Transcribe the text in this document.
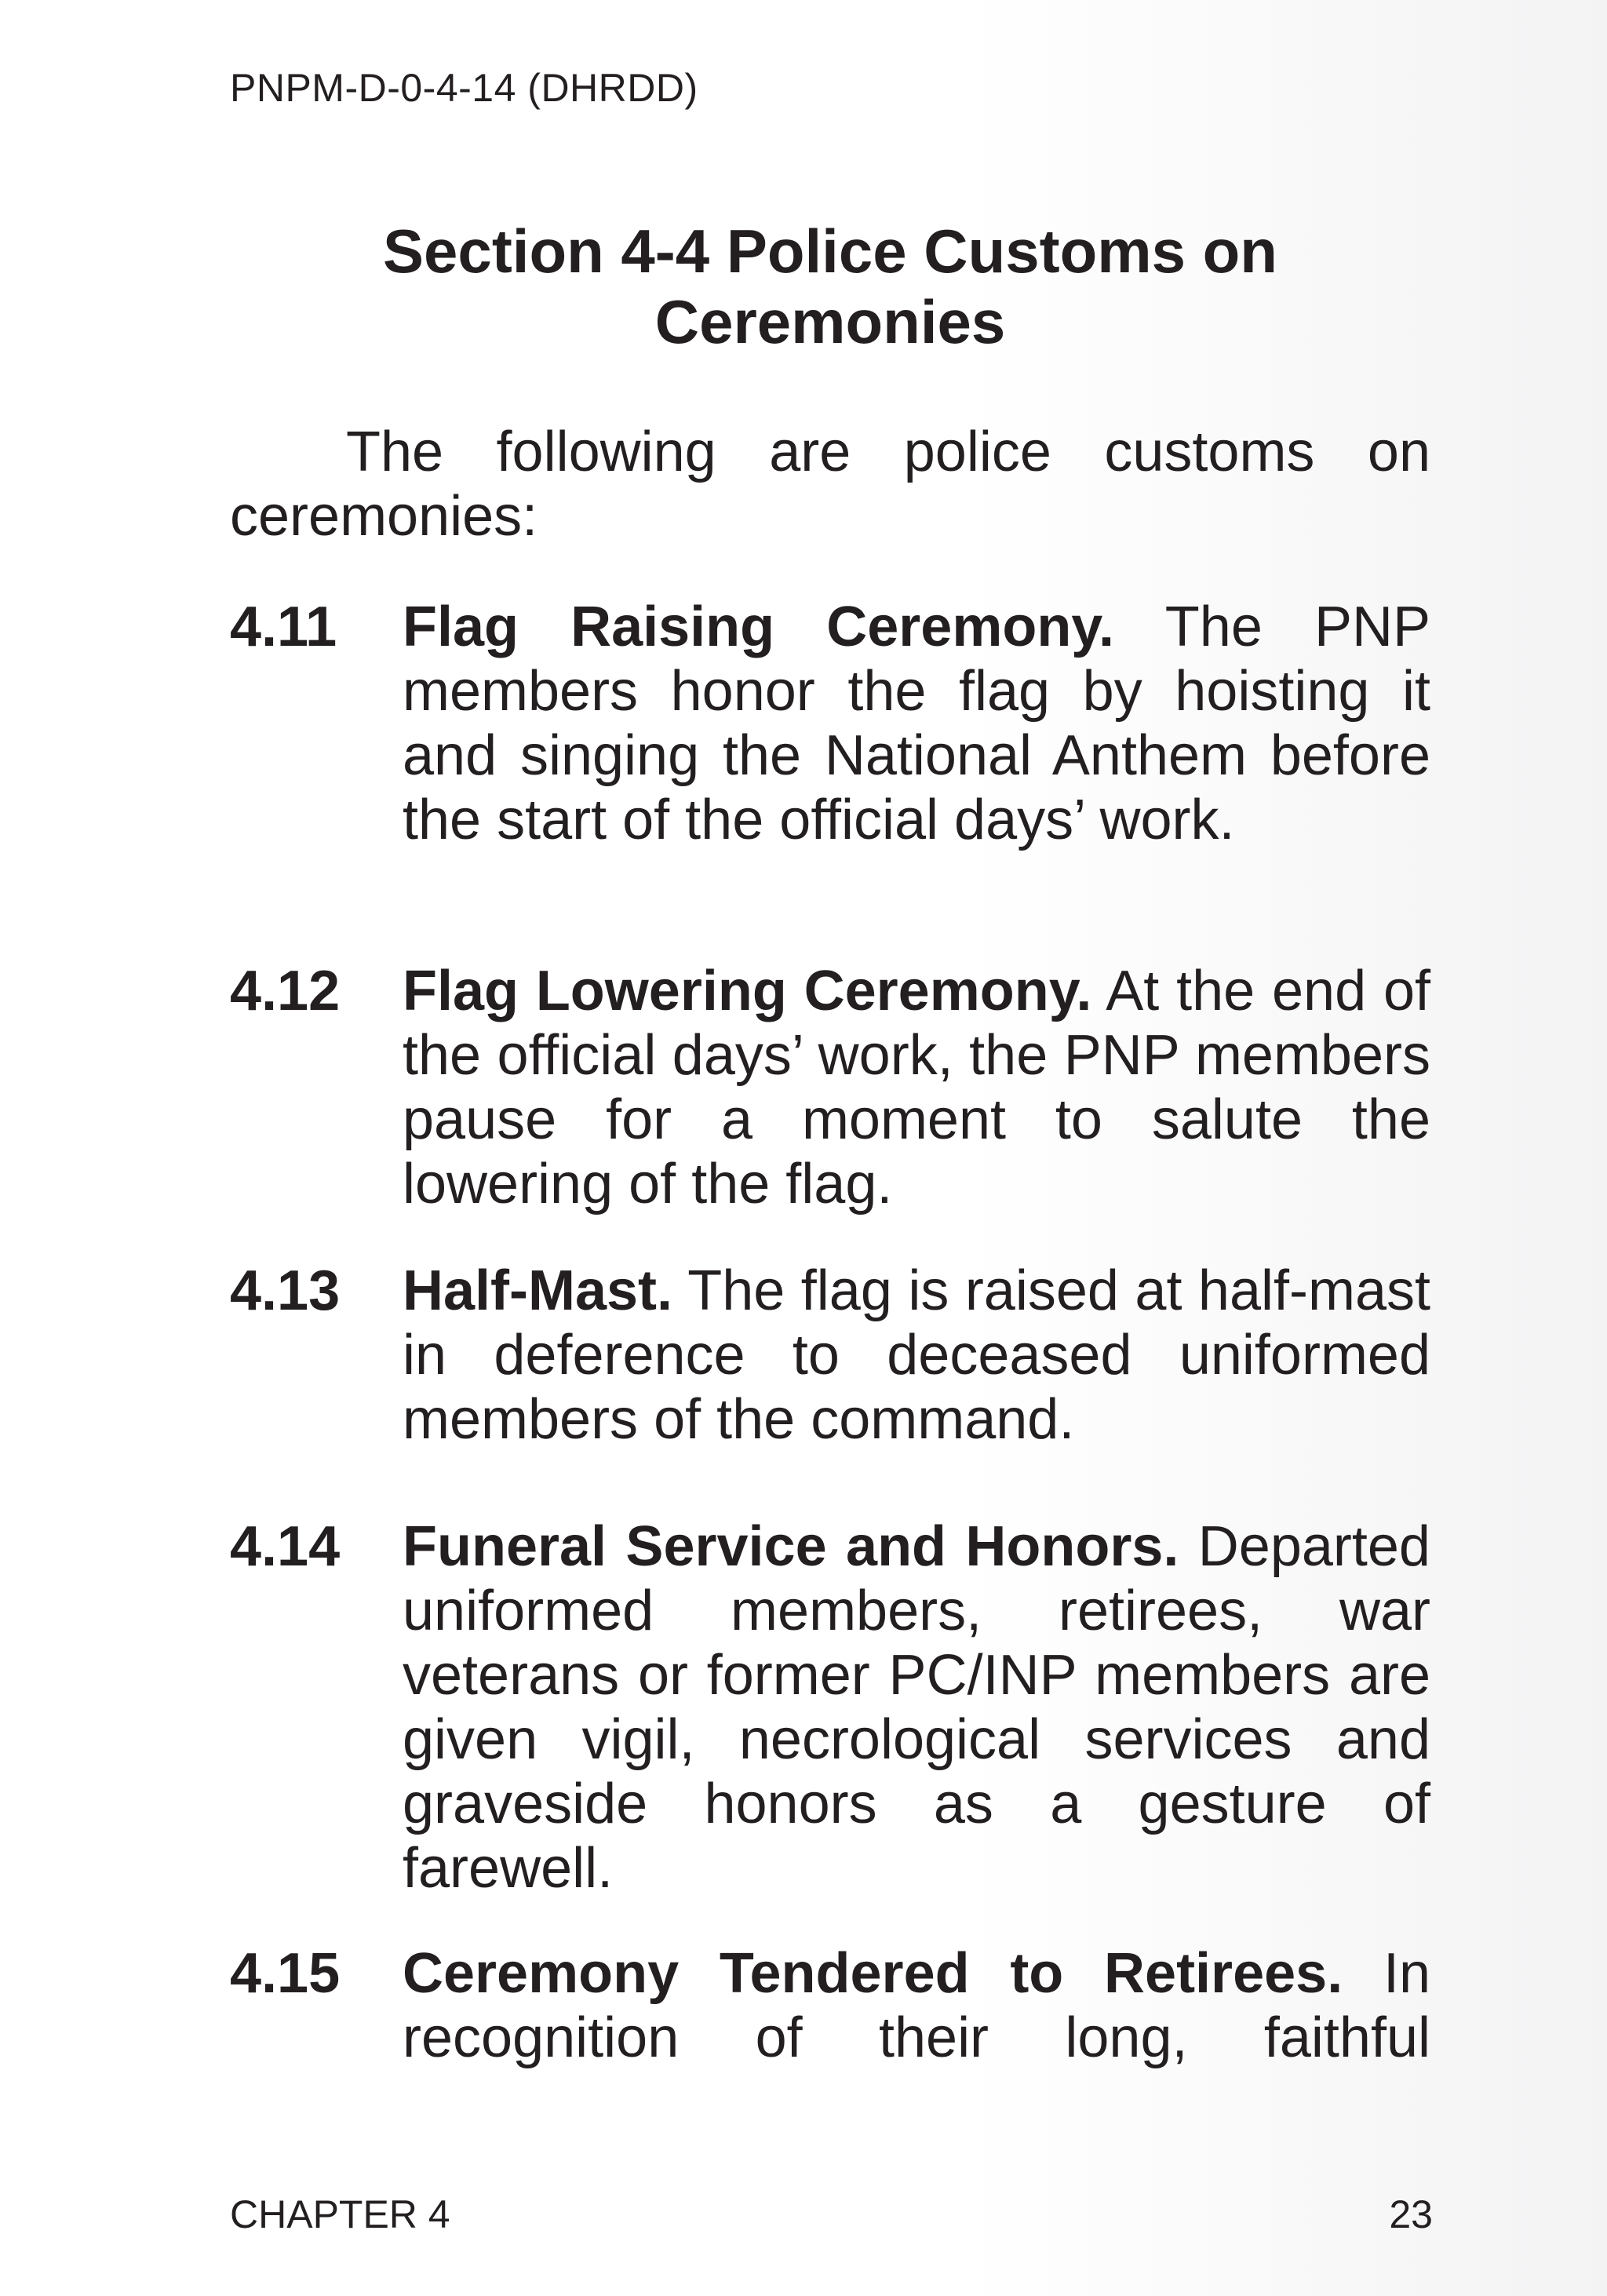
PNPM-D-0-4-14 (DHRDD)
Section 4-4 Police Customs on
Ceremonies

The following are police customs on ceremonies:

4.11 Flag Raising Ceremony. The PNP members honor the flag by hoisting it and singing the National Anthem before the start of the official days’ work.

4.12 Flag Lowering Ceremony. At the end of the official days’ work, the PNP members pause for a moment to salute the lowering of the flag.

4.13 Half-Mast. The flag is raised at half-mast in deference to deceased uniformed members of the command.

4.14 Funeral Service and Honors. Departed uniformed members, retirees, war veterans or former PC/INP members are given vigil, necrological services and graveside honors as a gesture of farewell.

4.15 Ceremony Tendered to Retirees. In recognition of their long, faithful

CHAPTER 4	23
